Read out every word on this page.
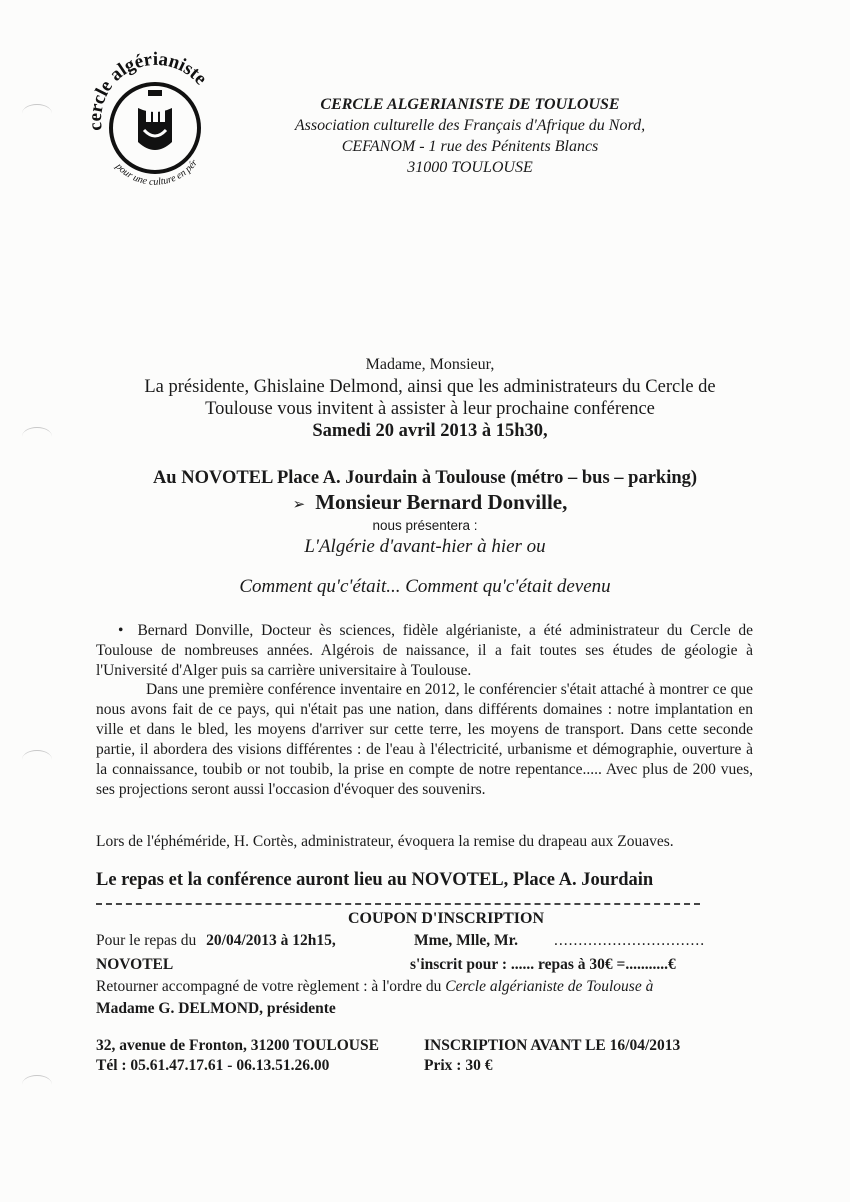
cercle algérianiste
pour une culture en pér
CERCLE ALGERIANISTE DE TOULOUSE
Association culturelle des Français d'Afrique du Nord,
CEFANOM - 1 rue des Pénitents Blancs
31000 TOULOUSE
Madame, Monsieur,
La présidente, Ghislaine Delmond, ainsi que les administrateurs du Cercle de
Toulouse vous invitent à assister à leur prochaine conférence
Samedi 20 avril 2013 à 15h30,
Au NOVOTEL Place A. Jourdain à Toulouse (métro – bus – parking)
➢ Monsieur Bernard Donville,
nous présentera :
L'Algérie d'avant-hier à hier ou
Comment qu'c'était... Comment qu'c'était devenu
• Bernard Donville, Docteur ès sciences, fidèle algérianiste, a été administrateur du Cercle de Toulouse de nombreuses années. Algérois de naissance, il a fait toutes ses études de géologie à l'Université d'Alger puis sa carrière universitaire à Toulouse.
Dans une première conférence inventaire en 2012, le conférencier s'était attaché à montrer ce que nous avons fait de ce pays, qui n'était pas une nation, dans différents domaines : notre implantation en ville et dans le bled, les moyens d'arriver sur cette terre, les moyens de transport. Dans cette seconde partie, il abordera des visions différentes : de l'eau à l'électricité, urbanisme et démographie, ouverture à la connaissance, toubib or not toubib, la prise en compte de notre repentance..... Avec plus de 200 vues, ses projections seront aussi l'occasion d'évoquer des souvenirs.
Lors de l'éphéméride, H. Cortès, administrateur, évoquera la remise du drapeau aux Zouaves.
Le repas et la conférence auront lieu au NOVOTEL, Place A. Jourdain
COUPON D'INSCRIPTION
Pour le repas du 20/04/2013 à 12h15,	Mme, Mlle, Mr. ...............................
NOVOTEL	s'inscrit pour : ...... repas à 30€ =...........€
Retourner accompagné de votre règlement : à l'ordre du Cercle algérianiste de Toulouse à
Madame G. DELMOND, présidente
32, avenue de Fronton, 31200 TOULOUSE
Tél : 05.61.47.17.61 - 06.13.51.26.00
INSCRIPTION AVANT LE 16/04/2013
Prix : 30 €
